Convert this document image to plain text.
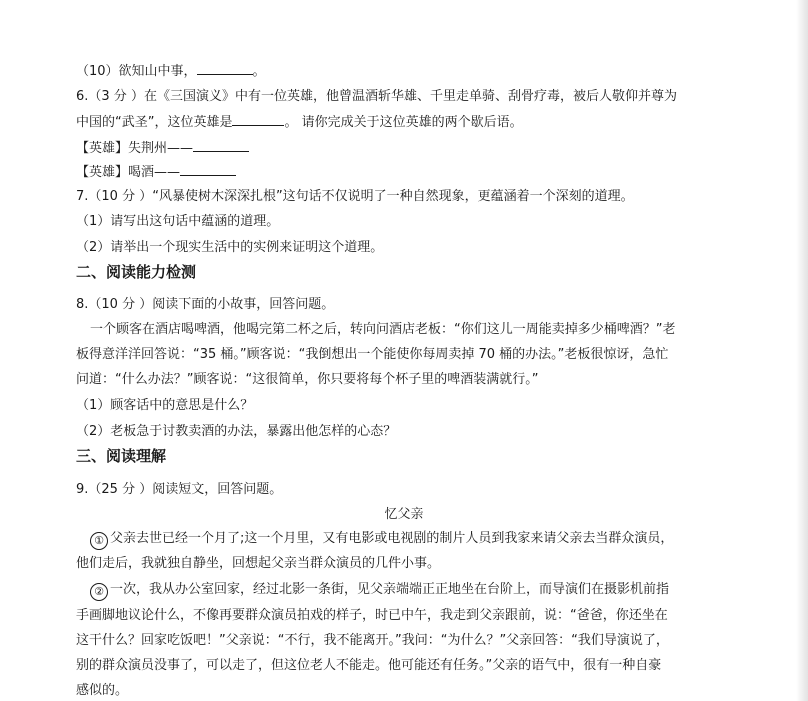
（10）欲知山中事，	。
6.（3 分 ）在《三国演义》中有一位英雄，他曾温酒斩华雄、千里走单骑、刮骨疗毒，被后人敬仰并尊为
中国的“武圣”，这位英雄是	。 请你完成关于这位英雄的两个歇后语。
【英雄】失荆州——
【英雄】喝酒——
7.（10 分 ）“风暴使树木深深扎根”这句话不仅说明了一种自然现象，更蕴涵着一个深刻的道理。
（1）请写出这句话中蕴涵的道理。
（2）请举出一个现实生活中的实例来证明这个道理。
二、阅读能力检测
8.（10 分 ）阅读下面的小故事，回答问题。
一个顾客在酒店喝啤酒，他喝完第二杯之后，转向问酒店老板：“你们这儿一周能卖掉多少桶啤酒？”老
板得意洋洋回答说：“35 桶。”顾客说：“我倒想出一个能使你每周卖掉 70 桶的办法。”老板很惊讶，急忙
问道：“什么办法？”顾客说：“这很简单，你只要将每个杯子里的啤酒装满就行。”
（1）顾客话中的意思是什么？
（2）老板急于讨教卖酒的办法，暴露出他怎样的心态？
三、阅读理解
9.（25 分 ）阅读短文，回答问题。
忆父亲
① 父亲去世已经一个月了;这一个月里，又有电影或电视剧的制片人员到我家来请父亲去当群众演员，
他们走后，我就独自静坐，回想起父亲当群众演员的几件小事。
② 一次，我从办公室回家，经过北影一条街，见父亲端端正正地坐在台阶上，而导演们在摄影机前指
手画脚地议论什么，不像再要群众演员拍戏的样子，时已中午，我走到父亲跟前，说：“爸爸，你还坐在
这干什么？回家吃饭吧！”父亲说：“不行，我不能离开。”我问：“为什么？”父亲回答：“我们导演说了，
别的群众演员没事了，可以走了，但这位老人不能走。他可能还有任务。”父亲的语气中，很有一种自豪
感似的。
